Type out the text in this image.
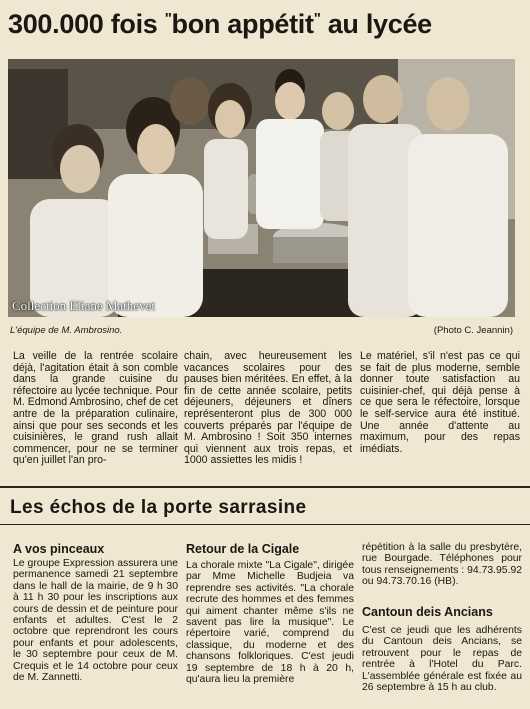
300.000 fois "bon appétit" au lycée
Collection Eliane Mathevet
L'équipe de M. Ambrosino.	(Photo C. Jeannin)
La veille de la rentrée scolaire déjà, l'agitation était à son comble dans la grande cuisine du réfectoire au lycée technique. Pour M. Edmond Ambrosino, chef de cet antre de la préparation culinaire, ainsi que pour ses seconds et les cuisinières, le grand rush allait commencer, pour ne se terminer qu'en juillet l'an pro-
chain, avec heureusement les vacances scolaires pour des pauses bien méritées. En effet, à la fin de cette année scolaire, petits déjeuners, déjeuners et dîners représenteront plus de 300 000 couverts préparés par l'équipe de M. Ambrosino ! Soit 350 internes qui viennent aux trois repas, et 1000 assiettes les midis !
Le matériel, s'il n'est pas ce qui se fait de plus moderne, semble donner toute satisfaction au cuisinier-chef, qui déjà pense à ce que sera le réfectoire, lorsque le self-service aura été institué. Une année d'attente au maximum, pour des repas imédiats.
Les échos de la porte sarrasine
A vos pinceaux
Le groupe Expression assurera une permanence samedi 21 septembre dans le hall de la mairie, de 9 h 30 à 11 h 30 pour les inscriptions aux cours de dessin et de peinture pour enfants et adultes. C'est le 2 octobre que reprendront les cours pour enfants et pour adolescents, le 30 septembre pour ceux de M. Crequis et le 14 octobre pour ceux de M. Zannetti.
Retour de la Cigale
La chorale mixte "La Cigale", dirigée par Mme Michelle Budjeia va reprendre ses activités. "La chorale recrute des hommes et des femmes qui aiment chanter même s'ils ne savent pas lire la musique". Le répertoire varié, comprend du classique, du moderne et des chansons folkloriques. C'est jeudi 19 septembre de 18 h à 20 h, qu'aura lieu la première
répétition à la salle du presbytère, rue Bourgade. Téléphones pour tous renseignements : 94.73.95.92 ou 94.73.70.16 (HB).
Cantoun deis Ancians
C'est ce jeudi que les adhérents du Cantoun deis Ancians, se retrouvent pour le repas de rentrée à l'Hotel du Parc. L'assemblée générale est fixée au 26 septembre à 15 h au club.
